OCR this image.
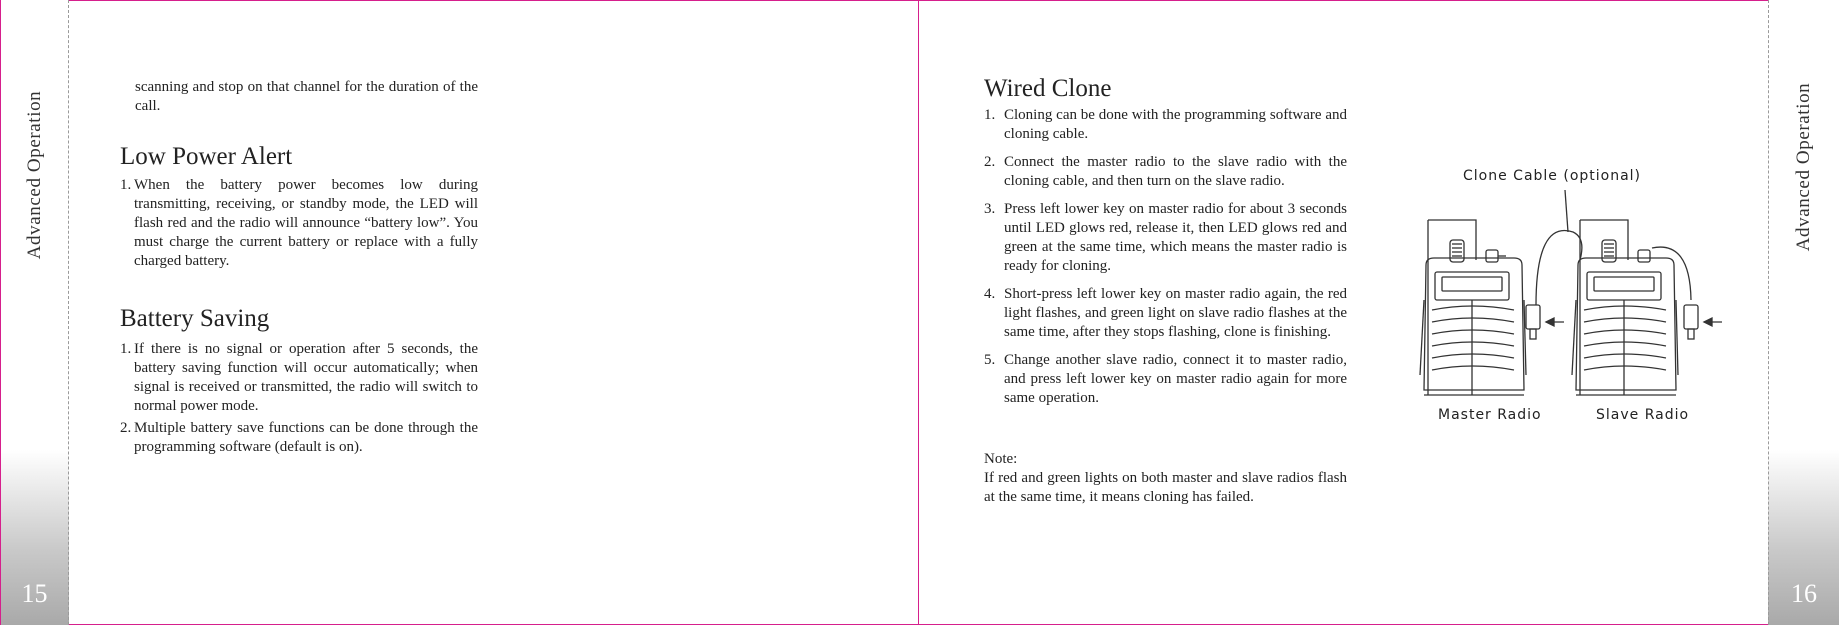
Advanced Operation
15
Advanced Operation
16

scanning and stop on that channel for the duration of the call.

Low Power Alert
1. When the battery power becomes low during transmitting, receiving, or standby mode, the LED will flash red and the radio will announce “battery low”. You must charge the current battery or replace with a fully charged battery.
Battery Saving
1. If there is no signal or operation after 5 seconds, the battery saving function will occur automatically; when signal is received or transmitted, the radio will switch to normal power mode.
2. Multiple battery save functions can be done through the programming software (default is on).
Wired Clone
1. Cloning can be done with the programming software and cloning cable.
2. Connect the master radio to the slave radio with the cloning cable, and then turn on the slave radio.
3. Press left lower key on master radio for about 3 seconds until LED glows red, release it, then LED glows red and green at the same time, which means the master radio is ready for cloning.
4. Short-press left lower key on master radio again, the red light flashes, and green light on slave radio flashes at the same time, after they stops flashing, clone is finishing.
5. Change another slave radio, connect it to master radio, and press left lower key on master radio again for more same operation.

Note:

If red and green lights on both master and slave radios flash at the same time, it means cloning has failed.

Clone Cable (optional)
Master Radio	Slave Radio
